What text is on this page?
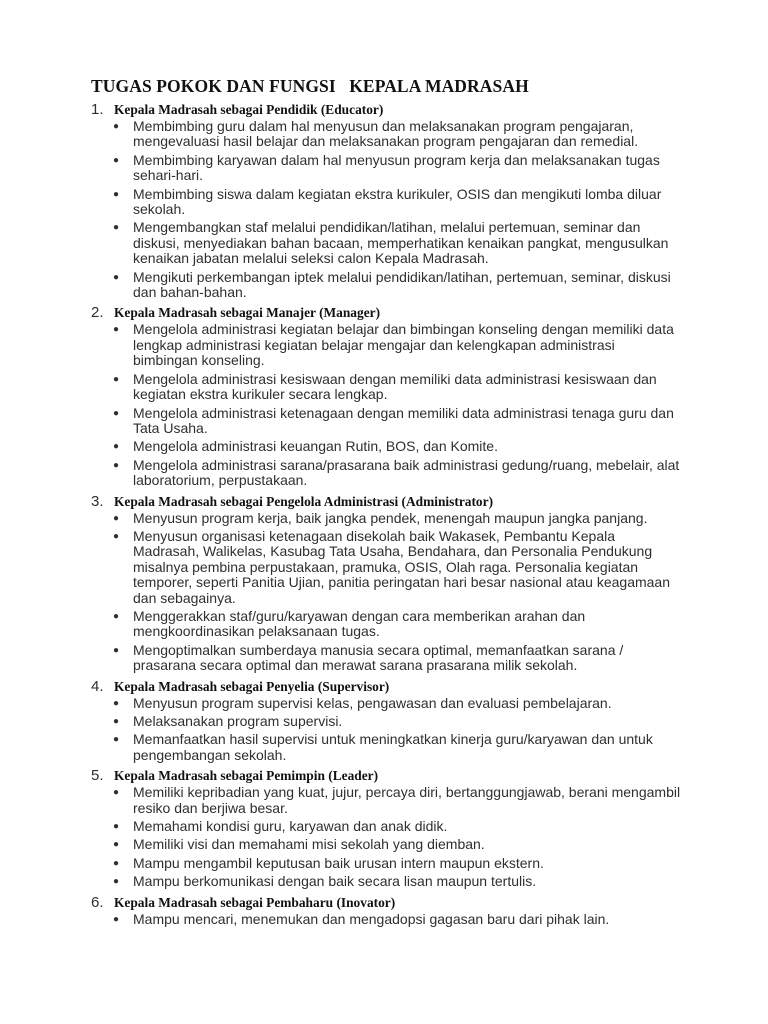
TUGAS POKOK DAN FUNGSI   KEPALA MADRASAH
1. Kepala Madrasah sebagai Pendidik (Educator)
● Membimbing guru dalam hal menyusun dan melaksanakan program pengajaran, mengevaluasi hasil belajar dan melaksanakan program pengajaran dan remedial.
● Membimbing karyawan dalam hal menyusun program kerja dan melaksanakan tugas sehari-hari.
● Membimbing siswa dalam kegiatan ekstra kurikuler, OSIS dan mengikuti lomba diluar sekolah.
● Mengembangkan staf melalui pendidikan/latihan, melalui pertemuan, seminar dan diskusi, menyediakan bahan bacaan, memperhatikan kenaikan pangkat, mengusulkan kenaikan jabatan melalui seleksi calon Kepala Madrasah.
● Mengikuti perkembangan iptek melalui pendidikan/latihan, pertemuan, seminar, diskusi dan bahan-bahan.
2. Kepala Madrasah sebagai Manajer (Manager)
● Mengelola administrasi kegiatan belajar dan bimbingan konseling dengan memiliki data lengkap administrasi kegiatan belajar mengajar dan kelengkapan administrasi bimbingan konseling.
● Mengelola administrasi kesiswaan dengan memiliki data administrasi kesiswaan dan kegiatan ekstra kurikuler secara lengkap.
● Mengelola administrasi ketenagaan dengan memiliki data administrasi tenaga guru dan Tata Usaha.
● Mengelola administrasi keuangan Rutin, BOS, dan Komite.
● Mengelola administrasi sarana/prasarana baik administrasi gedung/ruang, mebelair, alat laboratorium, perpustakaan.
3. Kepala Madrasah sebagai Pengelola Administrasi (Administrator)
● Menyusun program kerja, baik jangka pendek, menengah maupun jangka panjang.
● Menyusun organisasi ketenagaan disekolah baik Wakasek, Pembantu Kepala Madrasah, Walikelas, Kasubag Tata Usaha, Bendahara, dan Personalia Pendukung misalnya pembina perpustakaan, pramuka, OSIS, Olah raga. Personalia kegiatan temporer, seperti Panitia Ujian, panitia peringatan hari besar nasional atau keagamaan dan sebagainya.
● Menggerakkan staf/guru/karyawan dengan cara memberikan arahan dan mengkoordinasikan pelaksanaan tugas.
● Mengoptimalkan sumberdaya manusia secara optimal, memanfaatkan sarana / prasarana secara optimal dan merawat sarana prasarana milik sekolah.
4. Kepala Madrasah sebagai Penyelia (Supervisor)
● Menyusun program supervisi kelas, pengawasan dan evaluasi pembelajaran.
● Melaksanakan program supervisi.
● Memanfaatkan hasil supervisi untuk meningkatkan kinerja guru/karyawan dan untuk pengembangan sekolah.
5. Kepala Madrasah sebagai Pemimpin (Leader)
● Memiliki kepribadian yang kuat, jujur, percaya diri, bertanggungjawab, berani mengambil resiko dan berjiwa besar.
● Memahami kondisi guru, karyawan dan anak didik.
● Memiliki visi dan memahami misi sekolah yang diemban.
● Mampu mengambil keputusan baik urusan intern maupun ekstern.
● Mampu berkomunikasi dengan baik secara lisan maupun tertulis.
6. Kepala Madrasah sebagai Pembaharu (Inovator)
● Mampu mencari, menemukan dan mengadopsi gagasan baru dari pihak lain.
